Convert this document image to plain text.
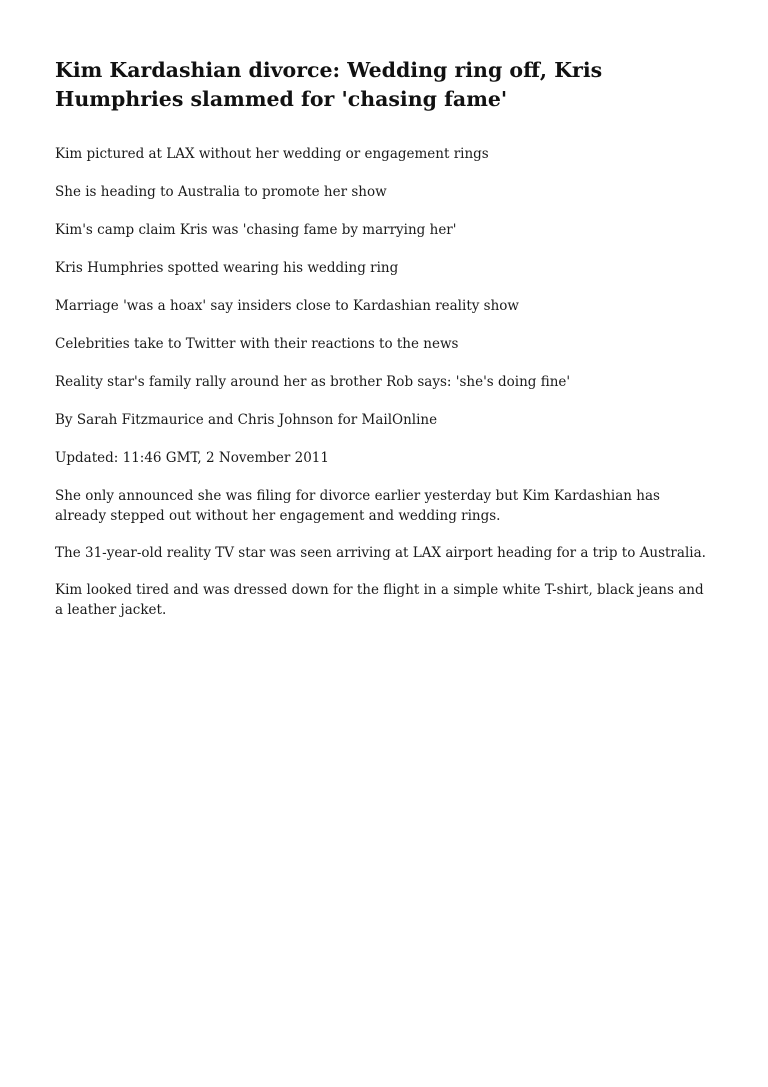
Kim Kardashian divorce: Wedding ring off, Kris Humphries slammed for 'chasing fame'
Kim pictured at LAX without her wedding or engagement rings
She is heading to Australia to promote her show
Kim's camp claim Kris was 'chasing fame by marrying her'
Kris Humphries spotted wearing his wedding ring
Marriage 'was a hoax' say insiders close to Kardashian reality show
Celebrities take to Twitter with their reactions to the news
Reality star's family rally around her as brother Rob says: 'she's doing fine'

By Sarah Fitzmaurice and Chris Johnson for MailOnline

Updated: 11:46 GMT, 2 November 2011

She only announced she was filing for divorce earlier yesterday but Kim Kardashian has already stepped out without her engagement and wedding rings.

The 31-year-old reality TV star was seen arriving at LAX airport heading for a trip to Australia.

Kim looked tired and was dressed down for the flight in a simple white T-shirt, black jeans and a leather jacket.
